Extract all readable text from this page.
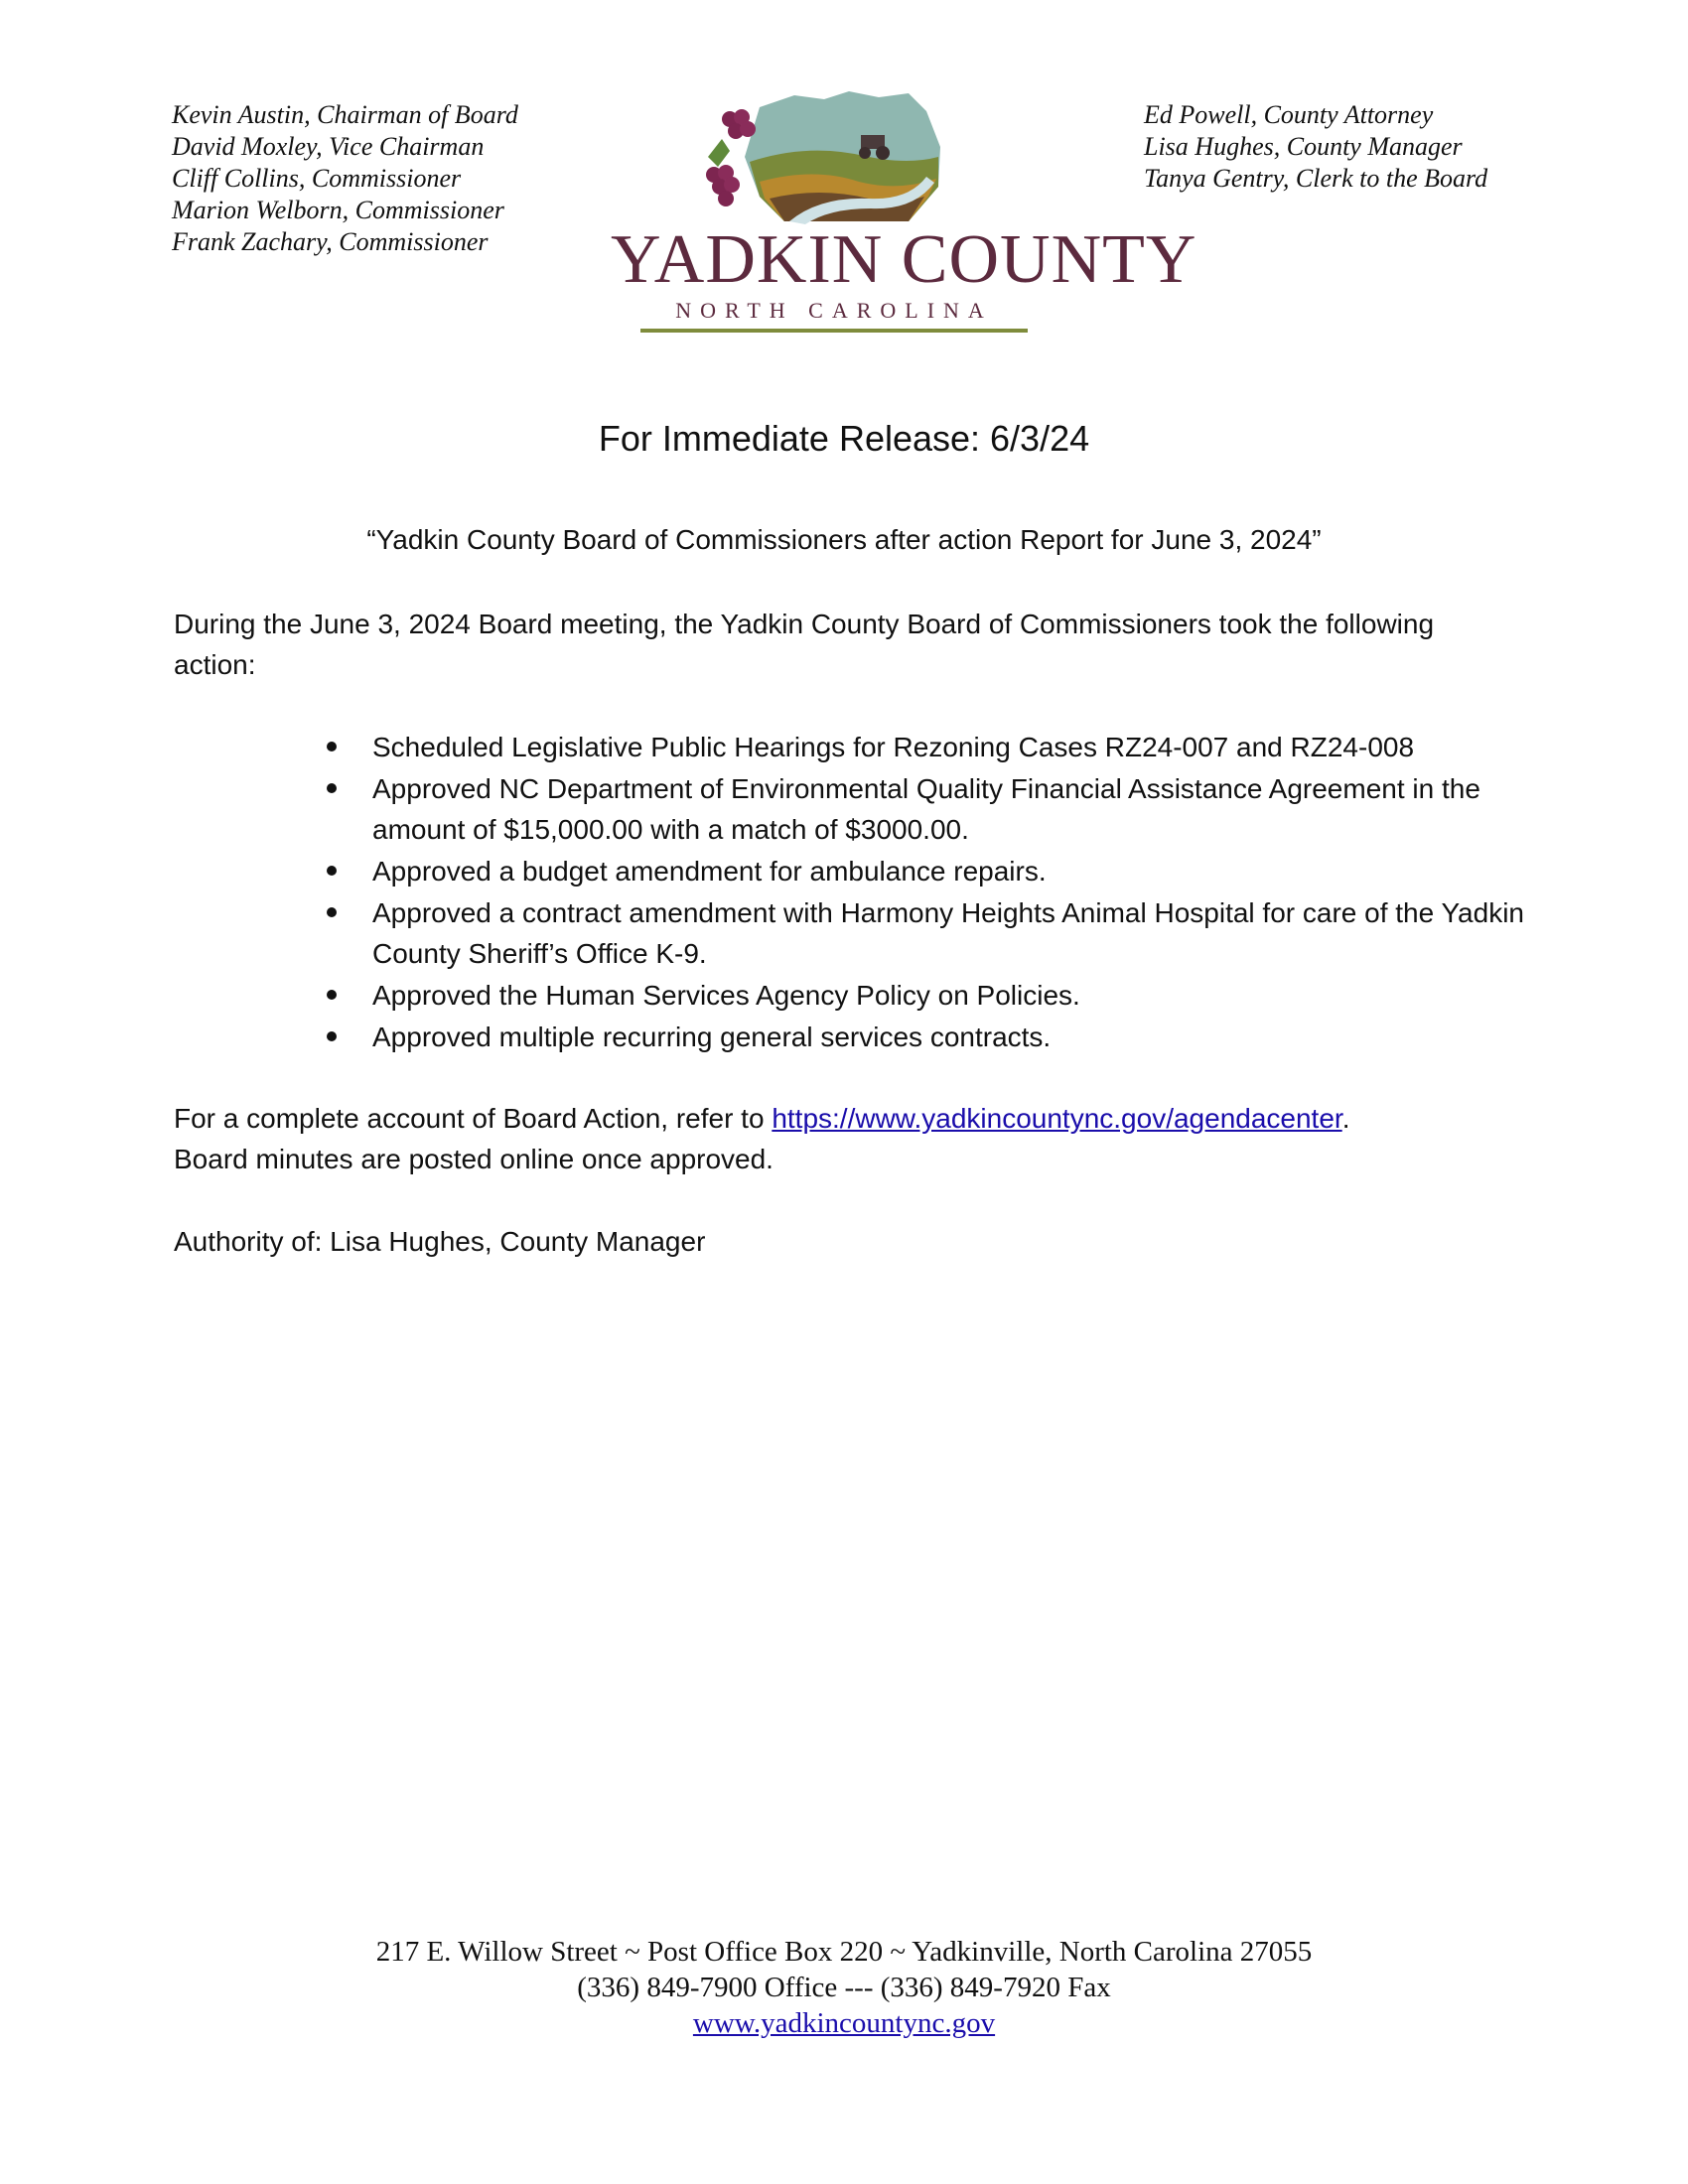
Kevin Austin, Chairman of Board
David Moxley, Vice Chairman
Cliff Collins, Commissioner
Marion Welborn, Commissioner
Frank Zachary, Commissioner	YADKIN COUNTY
NORTH CAROLINA
Ed Powell, County Attorney
Lisa Hughes, County Manager
Tanya Gentry, Clerk to the Board
For Immediate Release: 6/3/24
“Yadkin County Board of Commissioners after action Report for June 3, 2024”
During the June 3, 2024 Board meeting, the Yadkin County Board of Commissioners took the following action:
Scheduled Legislative Public Hearings for Rezoning Cases RZ24-007 and RZ24-008
Approved NC Department of Environmental Quality Financial Assistance Agreement in the amount of $15,000.00 with a match of $3000.00.
Approved a budget amendment for ambulance repairs.
Approved a contract amendment with Harmony Heights Animal Hospital for care of the Yadkin County Sheriff’s Office K-9.
Approved the Human Services Agency Policy on Policies.
Approved multiple recurring general services contracts.
For a complete account of Board Action, refer to https://www.yadkincountync.gov/agendacenter.
Board minutes are posted online once approved.
Authority of: Lisa Hughes, County Manager
217 E. Willow Street ~ Post Office Box 220 ~ Yadkinville, North Carolina 27055
(336) 849-7900 Office --- (336) 849-7920 Fax
www.yadkincountync.gov
